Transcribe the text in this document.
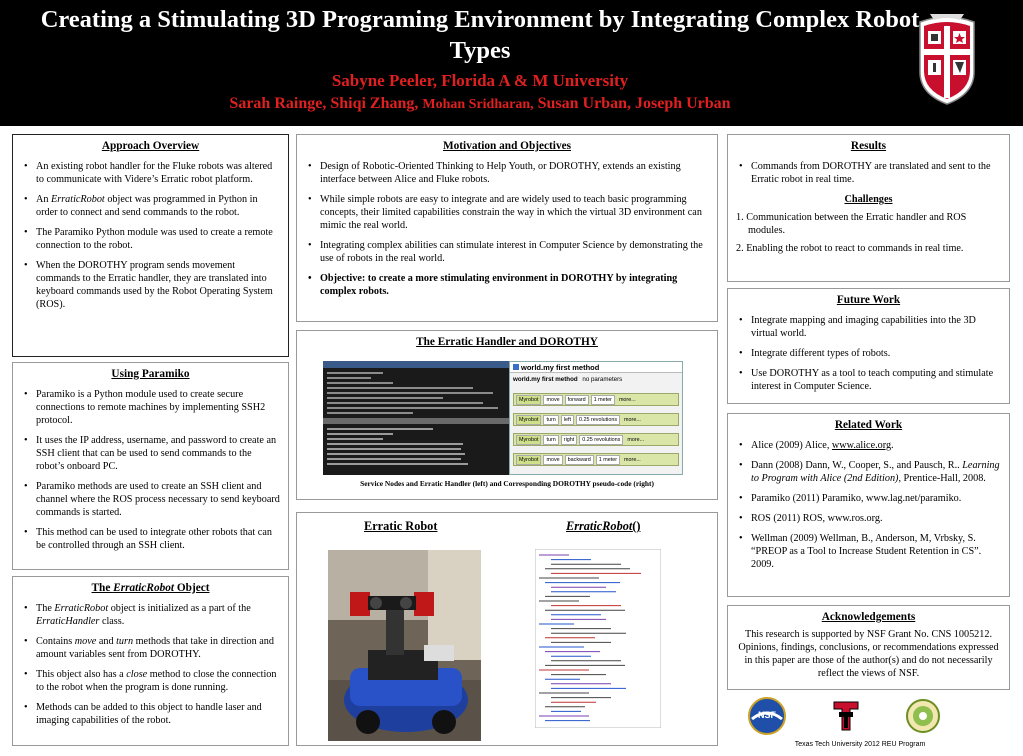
Creating a Stimulating 3D Programing Environment by Integrating Complex Robot Types
Sabyne Peeler, Florida A & M University
Sarah Rainge, Shiqi Zhang, Mohan Sridharan, Susan Urban, Joseph Urban
Approach Overview
• An existing robot handler for the Fluke robots was altered to communicate with Videre’s Erratic robot platform.
• An ErraticRobot object was programmed in Python in order to connect and send commands to the robot.
• The Paramiko Python module was used to create a remote connection to the robot.
• When the DOROTHY program sends movement commands to the Erratic handler, they are translated into keyboard commands used by the Robot Operating System (ROS).
Using Paramiko
• Paramiko is a Python module used to create secure connections to remote machines by implementing SSH2 protocol.
• It uses the IP address, username, and password to create an SSH client that can be used to send commands to the robot’s onboard PC.
• Paramiko methods are used to create an SSH client and channel where the ROS process necessary to send keyboard commands is started.
• This method can be used to integrate other robots that can be controlled through an SSH client.
The ErraticRobot Object
• The ErraticRobot object is initialized as a part of the ErraticHandler class.
• Contains move and turn methods that take in direction and amount variables sent from DOROTHY.
• This object also has a close method to close the connection to the robot when the program is done running.
• Methods can be added to this object to handle laser and imaging capabilities of the robot.
Motivation and Objectives
• Design of Robotic-Oriented Thinking to Help Youth, or DOROTHY, extends an existing interface between Alice and Fluke robots.
• While simple robots are easy to integrate and are widely used to teach basic programming concepts, their limited capabilities constrain the way in which the virtual 3D environment can mimic the real world.
• Integrating complex abilities can stimulate interest in Computer Science by demonstrating the use of robots in the real world.
• Objective: to create a more stimulating environment in DOROTHY by integrating complex robots.
The Erratic Handler and DOROTHY
world.my first method
world.my first method no parameters
Myrobot	move	forward	1 meter	more...
Myrobot	turn	left	0.25 revolutions	more...
Myrobot	turn	right	0.25 revolutions	more...
Myrobot	move	backward	1 meter	more...
Service Nodes and Erratic Handler (left) and Corresponding DOROTHY pseudo-code (right)
Erratic Robot	ErraticRobot()
Results
• Commands from DOROTHY are translated and sent to the Erratic robot in real time.
Challenges
1. Communication between the Erratic handler and ROS modules.
2. Enabling the robot to react to commands in real time.
Future Work
• Integrate mapping and imaging capabilities into the 3D virtual world.
• Integrate different types of robots.
• Use DOROTHY as a tool to teach computing and stimulate interest in Computer Science.
Related Work
• Alice (2009) Alice, www.alice.org.
• Dann (2008) Dann, W., Cooper, S., and Pausch, R.. Learning to Program with Alice (2nd Edition), Prentice-Hall, 2008.
• Paramiko (2011) Paramiko, www.lag.net/paramiko.
• ROS (2011) ROS, www.ros.org.
• Wellman (2009) Wellman, B., Anderson, M, Vrbsky, S. “PREOP as a Tool to Increase Student Retention in CS”. 2009.
Acknowledgements
This research is supported by NSF Grant No. CNS 1005212. Opinions, findings, conclusions, or recommendations expressed in this paper are those of the author(s) and do not necessarily reflect the views of NSF.
NSF
Texas Tech University 2012 REU Program
